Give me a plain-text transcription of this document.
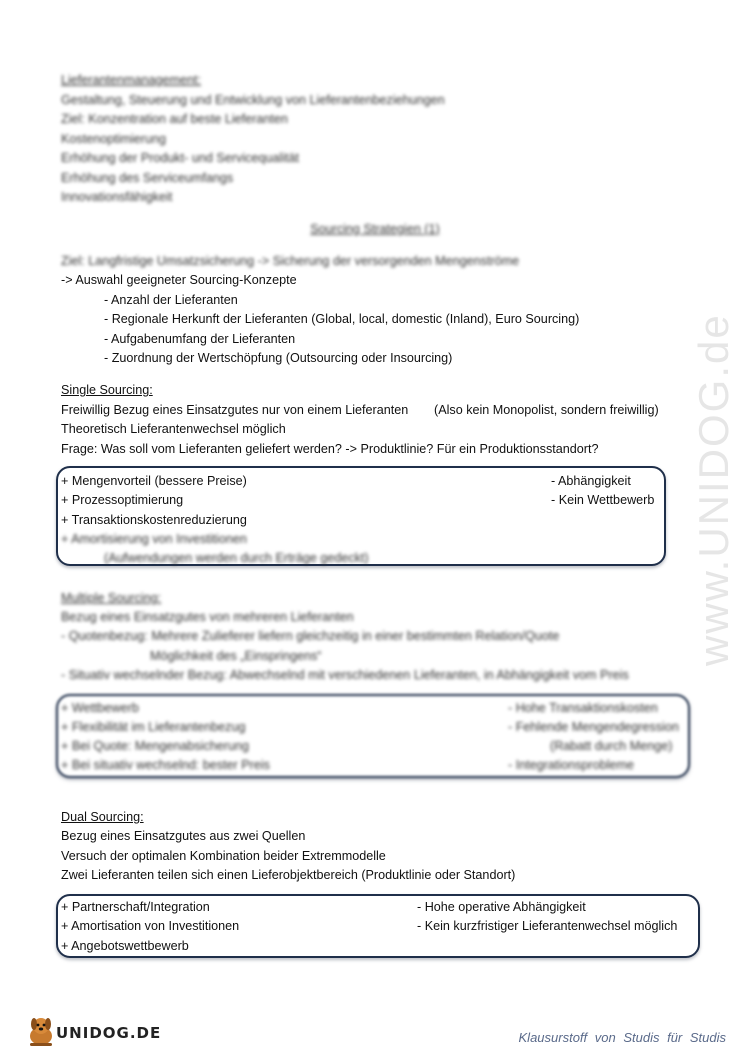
Lieferantenmanagement:
Gestaltung, Steuerung und Entwicklung von Lieferantenbeziehungen
Ziel: Konzentration auf beste Lieferanten
Kostenoptimierung
Erhöhung der Produkt- und Servicequalität
Erhöhung des Serviceumfangs
Innovationsfähigkeit
Sourcing Strategien (1)
Ziel: Langfristige Umsatzsicherung -> Sicherung der versorgenden Mengenströme
-> Auswahl geeigneter Sourcing-Konzepte
- Anzahl der Lieferanten
- Regionale Herkunft der Lieferanten (Global, local, domestic (Inland), Euro Sourcing)
- Aufgabenumfang der Lieferanten
- Zuordnung der Wertschöpfung (Outsourcing oder Insourcing)
Single Sourcing:
Freiwillig Bezug eines Einsatzgutes nur von einem Lieferanten (Also kein Monopolist, sondern freiwillig)
Theoretisch Lieferantenwechsel möglich
Frage: Was soll vom Lieferanten geliefert werden? -> Produktlinie? Für ein Produktionsstandort?
+ Mengenvorteil (bessere Preise)
+ Prozessoptimierung
+ Transaktionskostenreduzierung
+ Amortisierung von Investitionen
(Aufwendungen werden durch Erträge gedeckt)
- Abhängigkeit
- Kein Wettbewerb
Multiple Sourcing:
Bezug eines Einsatzgutes von mehreren Lieferanten
- Quotenbezug: Mehrere Zulieferer liefern gleichzeitig in einer bestimmten Relation/Quote
Möglichkeit des „Einspringens“
- Situativ wechselnder Bezug: Abwechselnd mit verschiedenen Lieferanten, in Abhängigkeit vom Preis
+ Wettbewerb
+ Flexibilität im Lieferantenbezug
+ Bei Quote: Mengenabsicherung
+ Bei situativ wechselnd: bester Preis
- Hohe Transaktionskosten
- Fehlende Mengendegression
(Rabatt durch Menge)
- Integrationsprobleme
Dual Sourcing:
Bezug eines Einsatzgutes aus zwei Quellen
Versuch der optimalen Kombination beider Extremmodelle
Zwei Lieferanten teilen sich einen Lieferobjektbereich (Produktlinie oder Standort)
+ Partnerschaft/Integration
+ Amortisation von Investitionen
+ Angebotswettbewerb
- Hohe operative Abhängigkeit
- Kein kurzfristiger Lieferantenwechsel möglich
www.UNIDOG.de
UNIDOG.DE	Klausurstoff von Studis für Studis
